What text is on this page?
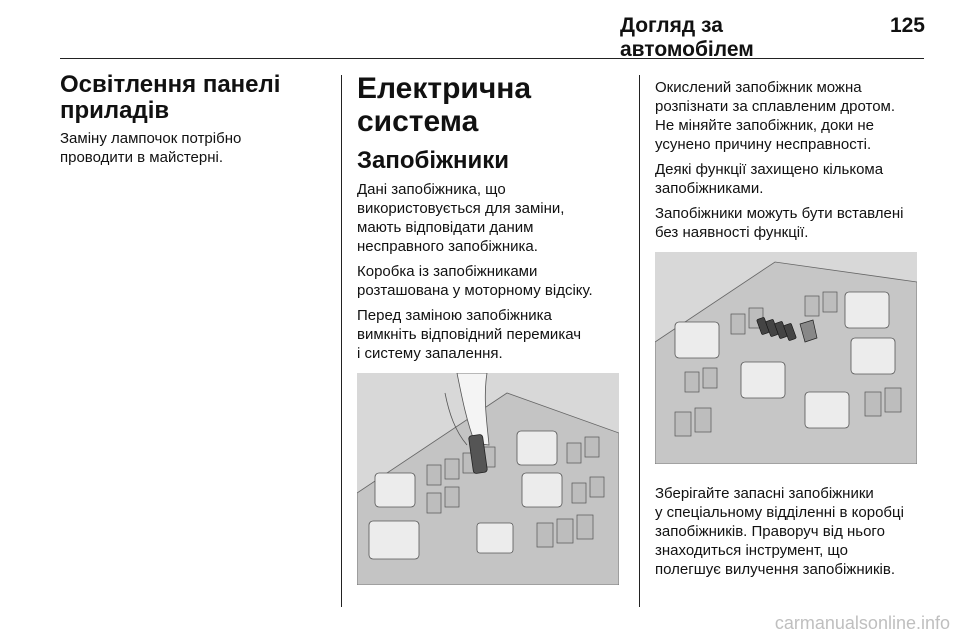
Догляд за автомобілем
125
Освітлення панелі приладів

Заміну лампочок потрібно
проводити в майстерні.

Електрична система
Запобіжники

Дані запобіжника, що
використовується для заміни,
мають відповідати даним
несправного запобіжника.

Коробка із запобіжниками
розташована у моторному відсіку.

Перед заміною запобіжника
вимкніть відповідний перемикач
і систему запалення.

Окислений запобіжник можна
розпізнати за сплавленим дротом.
Не міняйте запобіжник, доки не
усунено причину несправності.

Деякі функції захищено кількома
запобіжниками.

Запобіжники можуть бути вставлені
без наявності функції.

Зберігайте запасні запобіжники
у спеціальному відділенні в коробці
запобіжників. Праворуч від нього
знаходиться інструмент, що
полегшує вилучення запобіжників.

carmanualsonline.info
